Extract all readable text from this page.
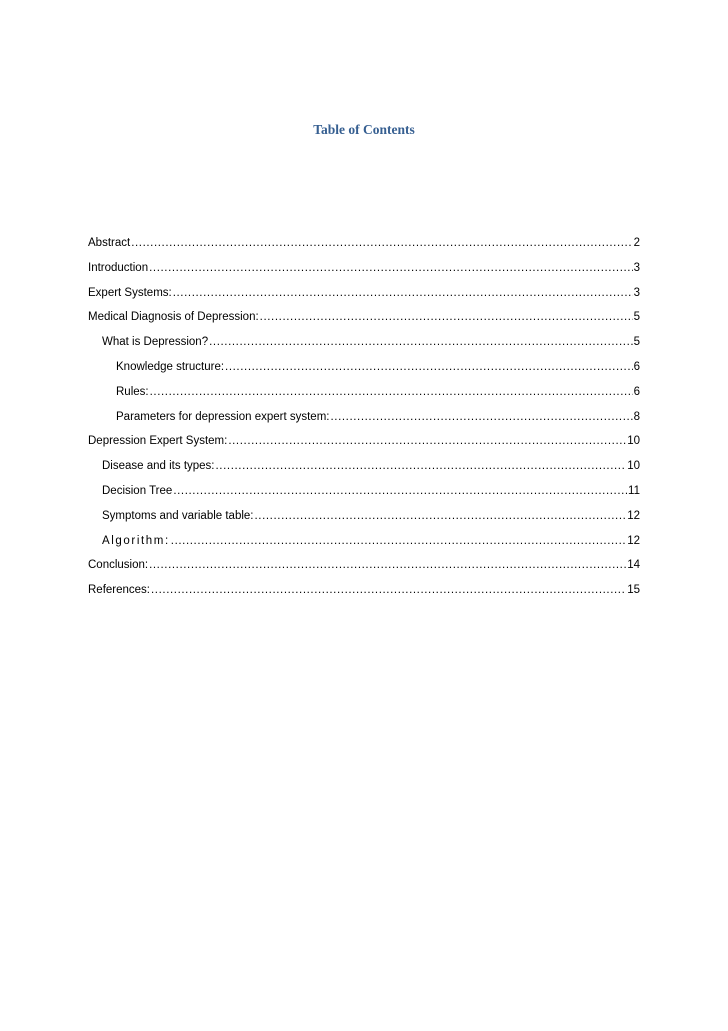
Table of Contents
Abstract .....	2
Introduction .....	3
Expert Systems: .....	3
Medical Diagnosis of Depression: .....	5
What is Depression? .....	5
Knowledge structure: .....	6
Rules: .....	6
Parameters for depression expert system: .....	8
Depression Expert System: .....	10
Disease and its types: .....	10
Decision Tree .....	11
Symptoms and variable table: .....	12
Algorithm: .....	12
Conclusion: .....	14
References: .....	15
